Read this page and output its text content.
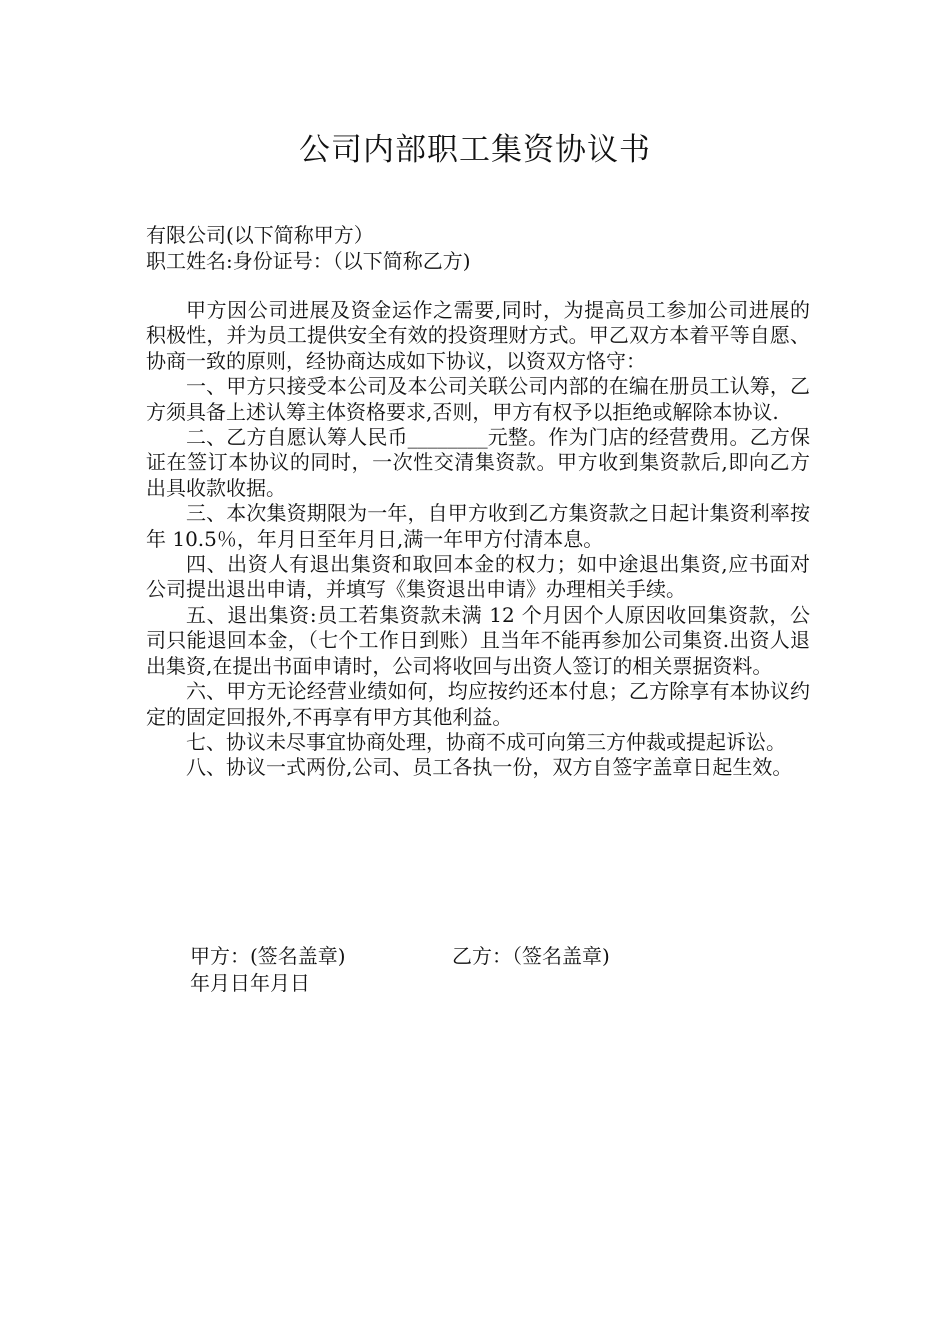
公司内部职工集资协议书
有限公司(以下简称甲方）
职工姓名:身份证号：（以下简称乙方)

甲方因公司进展及资金运作之需要,同时，为提高员工参加公司进展的积极性，并为员工提供安全有效的投资理财方式。甲乙双方本着平等自愿、协商一致的原则，经协商达成如下协议，以资双方恪守：

一、甲方只接受本公司及本公司关联公司内部的在编在册员工认筹，乙方须具备上述认筹主体资格要求,否则，甲方有权予以拒绝或解除本协议.

二、乙方自愿认筹人民币________元整。作为门店的经营费用。乙方保证在签订本协议的同时，一次性交清集资款。甲方收到集资款后,即向乙方出具收款收据。

三、本次集资期限为一年，自甲方收到乙方集资款之日起计集资利率按年 10.5％，年月日至年月日,满一年甲方付清本息。

四、出资人有退出集资和取回本金的权力；如中途退出集资,应书面对公司提出退出申请，并填写《集资退出申请》办理相关手续。

五、退出集资:员工若集资款未满 12 个月因个人原因收回集资款，公司只能退回本金，（七个工作日到账）且当年不能再参加公司集资.出资人退出集资,在提出书面申请时，公司将收回与出资人签订的相关票据资料。

六、甲方无论经营业绩如何，均应按约还本付息；乙方除享有本协议约定的固定回报外,不再享有甲方其他利益。

七、协议未尽事宜协商处理，协商不成可向第三方仲裁或提起诉讼。

八、协议一式两份,公司、员工各执一份，双方自签字盖章日起生效。

甲方：(签名盖章)	乙方：（签名盖章)
年月日年月日
